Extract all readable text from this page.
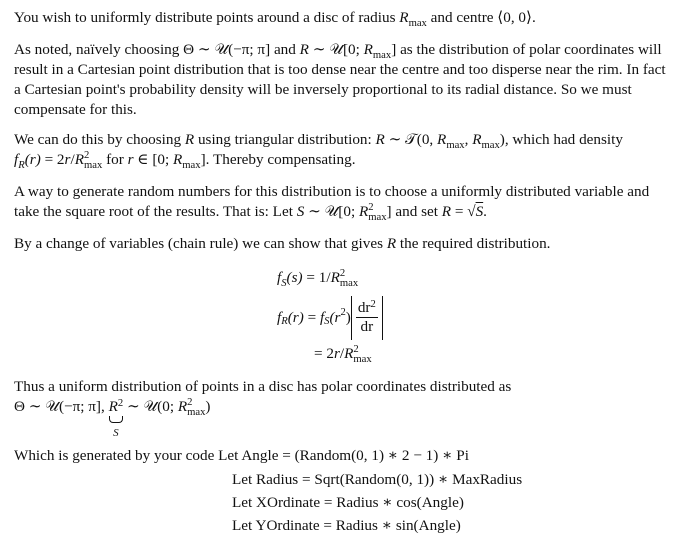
You wish to uniformly distribute points around a disc of radius $R_{max}$ and centre ⟨0, 0⟩.

As noted, naïvely choosing Θ ∼ 𝒰(−π; π] and R ∼ 𝒰[0; $R_{max}$] as the distribution of polar coordinates will result in a Cartesian point distribution that is too dense near the centre and too disperse near the rim. In fact a Cartesian point's probability density will be inversely proportional to its radial distance. So we must compensate for this.

We can do this by choosing R using triangular distribution: R ∼ 𝒯(0, $R_{max}$, $R_{max}$), which had density
$f_R(r) = 2r/R$ 2
max for r ∈ [0; $R_{max}$]. Thereby compensating.

A way to generate random numbers for this distribution is to choose a uniformly distributed variable and take the square root of the results. That is: Let S ∼ 𝒰[0; R 2
max ] and set R = √S.

By a change of variables (chain rule) we can show that gives R the required distribution.

$f_S(s) = 1/R$ 2
max
f $_R$ (r) = f $_S$ ($r^2$ ) $\frac{dr^2}{dr}$
= 2r/R 2
max

Thus a uniform distribution of points in a disc has polar coordinates distributed as
Θ ∼ 𝒰(−π; π], $R^2$
S
∼ 𝒰(0; R 2
max )

Which is generated by your code Let Angle = (Random(0, 1) ∗ 2 − 1) ∗ Pi
Let Radius = Sqrt(Random(0, 1)) ∗ MaxRadius
Let XOrdinate = Radius ∗ cos(Angle)
Let YOrdinate = Radius ∗ sin(Angle)
